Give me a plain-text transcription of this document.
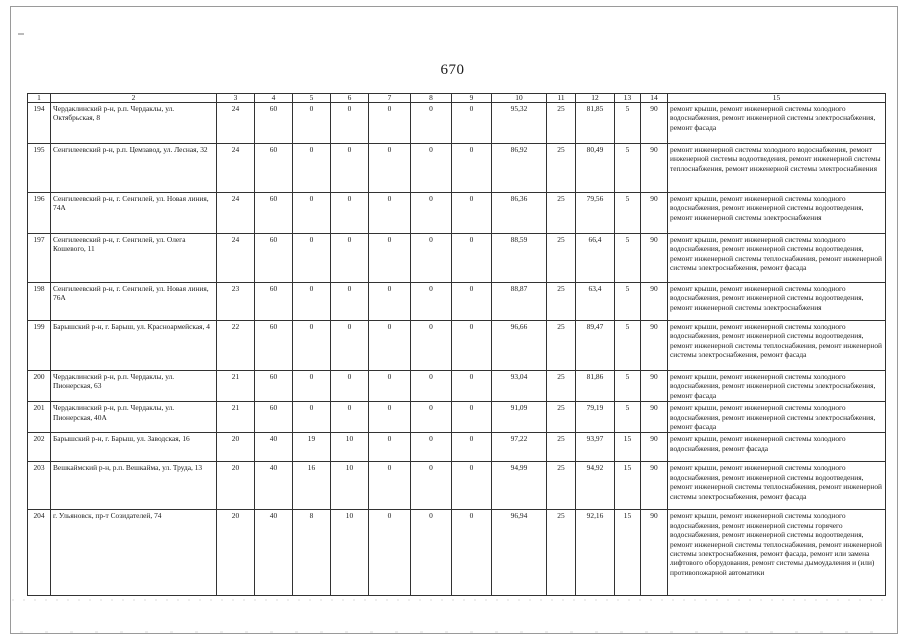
670
1	2	3	4	5	6	7	8	9	10	11	12	13	14	15
194	Чердаклинский р-н, р.п. Чердаклы, ул. Октябрьская, 8	24	60	0	0	0	0	0	95,32	25	81,85	5	90	ремонт крыши, ремонт инженерной системы холодного водоснабжения, ремонт инженерной системы электроснабжения, ремонт фасада
195	Сенгилеевский р-н, р.п. Цемзавод, ул. Лесная, 32	24	60	0	0	0	0	0	86,92	25	80,49	5	90	ремонт инженерной системы холодного водоснабжения, ремонт инженерной системы водоотведения, ремонт инженерной системы теплоснабжения, ремонт инженерной системы электроснабжения
196	Сенгилеевский р-н, г. Сенгилей, ул. Новая линия, 74А	24	60	0	0	0	0	0	86,36	25	79,56	5	90	ремонт крыши, ремонт инженерной системы холодного водоснабжения, ремонт инженерной системы водоотведения, ремонт инженерной системы электроснабжения
197	Сенгилеевский р-н, г. Сенгилей, ул. Олега Кошевого, 11	24	60	0	0	0	0	0	88,59	25	66,4	5	90	ремонт крыши, ремонт инженерной системы холодного водоснабжения, ремонт инженерной системы водоотведения, ремонт инженерной системы теплоснабжения, ремонт инженерной системы электроснабжения, ремонт фасада
198	Сенгилеевский р-н, г. Сенгилей, ул. Новая линия, 76А	23	60	0	0	0	0	0	88,87	25	63,4	5	90	ремонт крыши, ремонт инженерной системы холодного водоснабжения, ремонт инженерной системы водоотведения, ремонт инженерной системы электроснабжения
199	Барышский р-н, г. Барыш, ул. Красноармейская, 4	22	60	0	0	0	0	0	96,66	25	89,47	5	90	ремонт крыши, ремонт инженерной системы холодного водоснабжения, ремонт инженерной системы водоотведения, ремонт инженерной системы теплоснабжения, ремонт инженерной системы электроснабжения, ремонт фасада
200	Чердаклинский р-н, р.п. Чердаклы, ул. Пионерская, 63	21	60	0	0	0	0	0	93,04	25	81,86	5	90	ремонт крыши, ремонт инженерной системы холодного водоснабжения, ремонт инженерной системы электроснабжения, ремонт фасада
201	Чердаклинский р-н, р.п. Чердаклы, ул. Пионерская, 40А	21	60	0	0	0	0	0	91,09	25	79,19	5	90	ремонт крыши, ремонт инженерной системы холодного водоснабжения, ремонт инженерной системы электроснабжения, ремонт фасада
202	Барышский р-н, г. Барыш, ул. Заводская, 16	20	40	19	10	0	0	0	97,22	25	93,97	15	90	ремонт крыши, ремонт инженерной системы холодного водоснабжения, ремонт фасада
203	Вешкаймский р-н, р.п. Вешкайма, ул. Труда, 13	20	40	16	10	0	0	0	94,99	25	94,92	15	90	ремонт крыши, ремонт инженерной системы холодного водоснабжения, ремонт инженерной системы водоотведения, ремонт инженерной системы теплоснабжения, ремонт инженерной системы электроснабжения, ремонт фасада
204	г. Ульяновск, пр-т Созидателей, 74	20	40	8	10	0	0	0	96,94	25	92,16	15	90	ремонт крыши, ремонт инженерной системы холодного водоснабжения, ремонт инженерной системы горячего водоснабжения, ремонт инженерной системы водоотведения, ремонт инженерной системы теплоснабжения, ремонт инженерной системы электроснабжения, ремонт фасада, ремонт или замена лифтового оборудования, ремонт системы дымоудаления и (или) противопожарной автоматики
